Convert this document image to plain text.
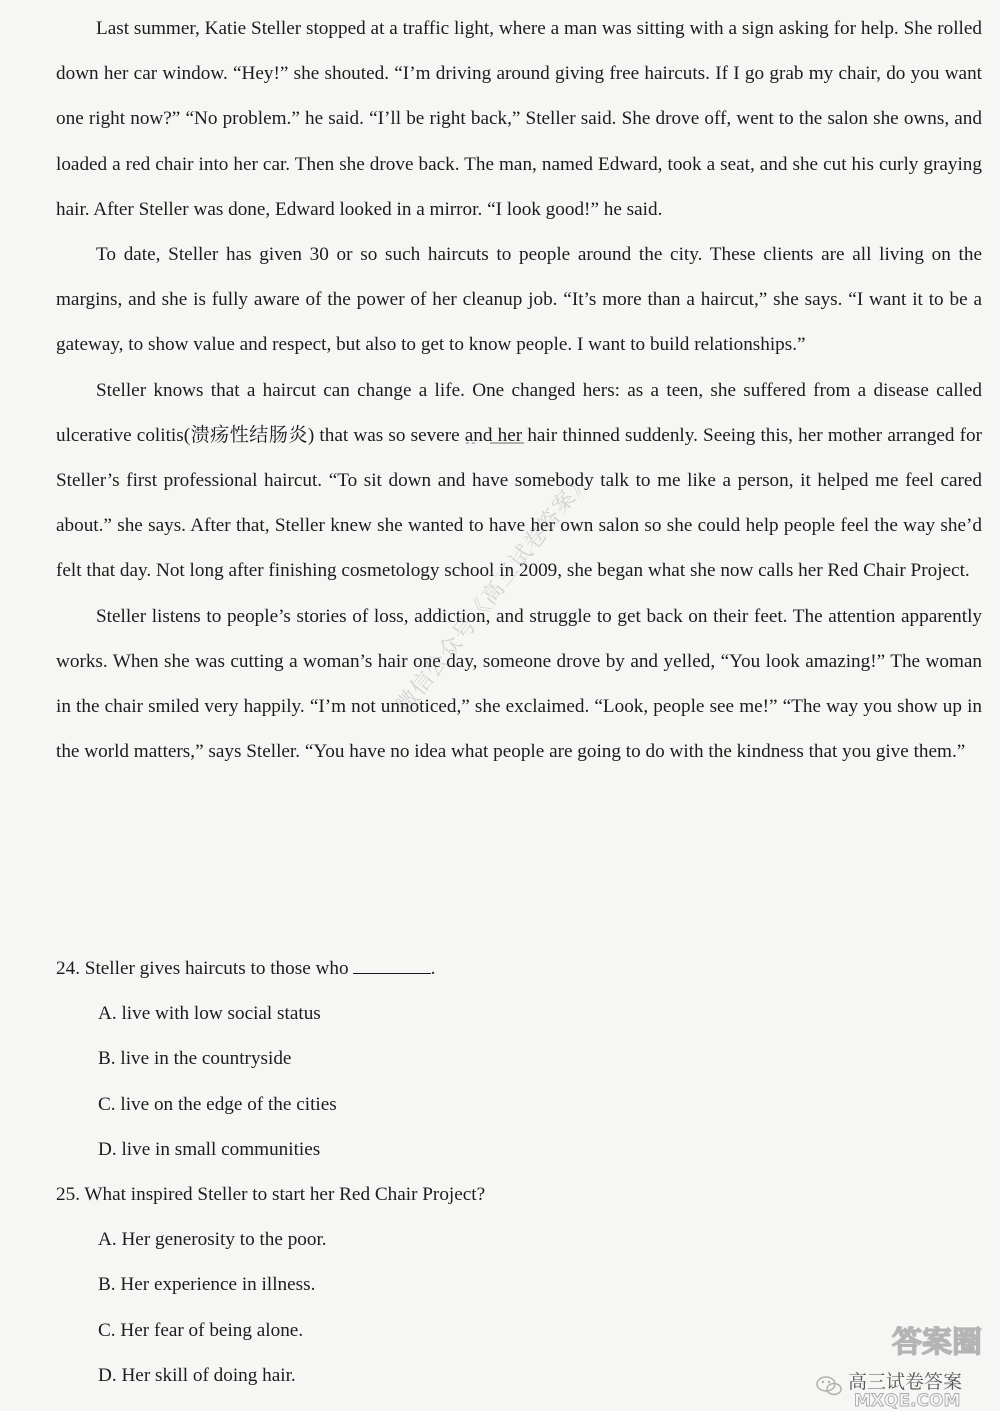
Last summer, Katie Steller stopped at a traffic light, where a man was sitting with a sign asking for help. She rolled down her car window. “Hey!” she shouted. “I’m driving around giving free haircuts. If I go grab my chair, do you want one right now?” “No problem.” he said. “I’ll be right back,” Steller said. She drove off, went to the salon she owns, and loaded a red chair into her car. Then she drove back. The man, named Edward, took a seat, and she cut his curly graying hair. After Steller was done, Edward looked in a mirror. “I look good!” he said.

To date, Steller has given 30 or so such haircuts to people around the city. These clients are all living on the margins, and she is fully aware of the power of her cleanup job. “It’s more than a haircut,” she says. “I want it to be a gateway, to show value and respect, but also to get to know people. I want to build relationships.”

Steller knows that a haircut can change a life. One changed hers: as a teen, she suffered from a disease called ulcerative colitis(溃疡性结肠炎) that was so severe and her hair thinned suddenly. Seeing this, her mother arranged for Steller’s first professional haircut. “To sit down and have somebody talk to me like a person, it helped me feel cared about.” she says. After that, Steller knew she wanted to have her own salon so she could help people feel the way she’d felt that day. Not long after finishing cosmetology school in 2009, she began what she now calls her Red Chair Project.

Steller listens to people’s stories of loss, addiction, and struggle to get back on their feet. The attention apparently works. When she was cutting a woman’s hair one day, someone drove by and yelled, “You look amazing!” The woman in the chair smiled very happily. “I’m not unnoticed,” she exclaimed. “Look, people see me!” “The way you show up in the world matters,” says Steller. “You have no idea what people are going to do with the kindness that you give them.”

24. Steller gives haircuts to those who	.

A. live with low social status

B. live in the countryside

C. live on the edge of the cities

D. live in small communities

25. What inspired Steller to start her Red Chair Project?

A. Her generosity to the poor.

B. Her experience in illness.

C. Her fear of being alone.

D. Her skill of doing hair.

微信公众号《高三试卷答案》
答案圈
高三试卷答案
MXQE.COM
